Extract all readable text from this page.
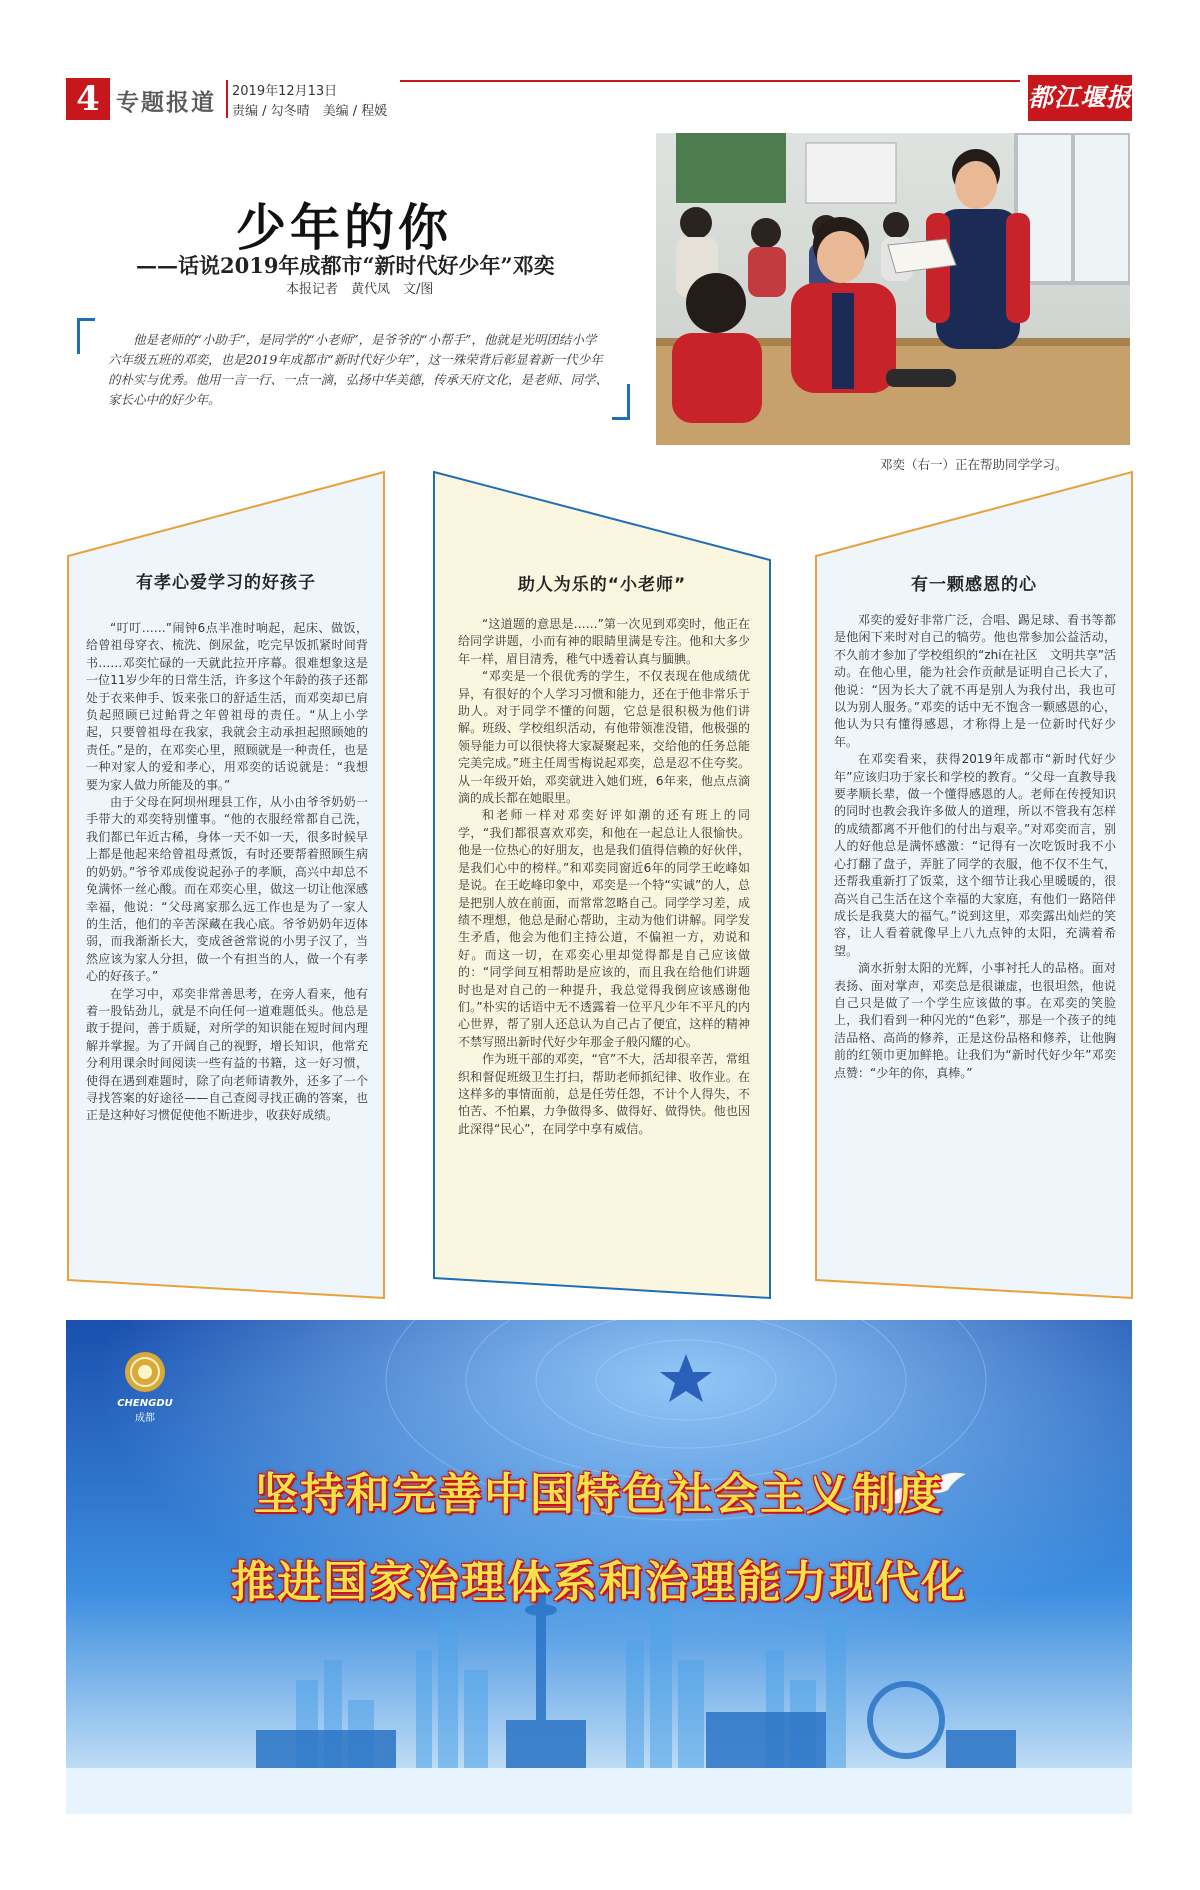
4 专题报道 2019年12月13日
责编 / 勾冬晴　美编 / 程媛	都江堰报
少年的你
——话说2019年成都市“新时代好少年”邓奕
本报记者　黄代凤　文/图
他是老师的“小助手”，是同学的“小老师”，是爷爷的“小帮手”，他就是光明团结小学六年级五班的邓奕，也是2019年成都市“新时代好少年”，这一殊荣背后彰显着新一代少年的朴实与优秀。他用一言一行、一点一滴，弘扬中华美德，传承天府文化，是老师、同学、家长心中的好少年。
邓奕（右一）正在帮助同学学习。
有孝心爱学习的好孩子

“叮叮……”闹钟6点半准时响起，起床、做饭，给曾祖母穿衣、梳洗、倒尿盆，吃完早饭抓紧时间背书……邓奕忙碌的一天就此拉开序幕。很难想象这是一位11岁少年的日常生活，许多这个年龄的孩子还都处于衣来伸手、饭来张口的舒适生活，而邓奕却已肩负起照顾已过鲐背之年曾祖母的责任。“从上小学起，只要曾祖母在我家，我就会主动承担起照顾她的责任。”是的，在邓奕心里，照顾就是一种责任，也是一种对家人的爱和孝心，用邓奕的话说就是：“我想要为家人做力所能及的事。”

由于父母在阿坝州理县工作，从小由爷爷奶奶一手带大的邓奕特别懂事。“他的衣服经常都自己洗，我们都已年近古稀，身体一天不如一天，很多时候早上都是他起来给曾祖母煮饭，有时还要帮着照顾生病的奶奶。”爷爷邓成俊说起孙子的孝顺，高兴中却总不免满怀一丝心酸。而在邓奕心里，做这一切让他深感幸福，他说：“父母离家那么远工作也是为了一家人的生活，他们的辛苦深藏在我心底。爷爷奶奶年迈体弱，而我渐渐长大，变成爸爸常说的小男子汉了，当然应该为家人分担，做一个有担当的人，做一个有孝心的好孩子。”

在学习中，邓奕非常善思考，在旁人看来，他有着一股钻劲儿，就是不向任何一道难题低头。他总是敢于提问，善于质疑，对所学的知识能在短时间内理解并掌握。为了开阔自己的视野，增长知识，他常充分利用课余时间阅读一些有益的书籍，这一好习惯，使得在遇到难题时，除了向老师请教外，还多了一个寻找答案的好途径——自己查阅寻找正确的答案，也正是这种好习惯促使他不断进步，收获好成绩。

助人为乐的“小老师”

“这道题的意思是……”第一次见到邓奕时，他正在给同学讲题，小而有神的眼睛里满是专注。他和大多少年一样，眉目清秀，稚气中透着认真与腼腆。

“邓奕是一个很优秀的学生，不仅表现在他成绩优异，有很好的个人学习习惯和能力，还在于他非常乐于助人。对于同学不懂的问题，它总是很积极为他们讲解。班级、学校组织活动，有他带领准没错，他极强的领导能力可以很快将大家凝聚起来，交给他的任务总能完美完成。”班主任周雪梅说起邓奕，总是忍不住夸奖。从一年级开始，邓奕就进入她们班，6年来，他点点滴滴的成长都在她眼里。

和老师一样对邓奕好评如潮的还有班上的同学，“我们都很喜欢邓奕，和他在一起总让人很愉快。他是一位热心的好朋友，也是我们值得信赖的好伙伴，是我们心中的榜样。”和邓奕同窗近6年的同学王屹峰如是说。在王屹峰印象中，邓奕是一个特“实诚”的人，总是把别人放在前面，而常常忽略自己。同学学习差，成绩不理想，他总是耐心帮助，主动为他们讲解。同学发生矛盾，他会为他们主持公道，不偏袒一方，劝说和好。而这一切，在邓奕心里却觉得都是自己应该做的：“同学间互相帮助是应该的，而且我在给他们讲题时也是对自己的一种提升，我总觉得我倒应该感谢他们。”朴实的话语中无不透露着一位平凡少年不平凡的内心世界，帮了别人还总认为自己占了便宜，这样的精神不禁写照出新时代好少年那金子般闪耀的心。

作为班干部的邓奕，“官”不大，活却很辛苦，常组织和督促班级卫生打扫，帮助老师抓纪律、收作业。在这样多的事情面前，总是任劳任怨，不计个人得失，不怕苦、不怕累，力争做得多、做得好、做得快。他也因此深得“民心”，在同学中享有威信。

有一颗感恩的心

邓奕的爱好非常广泛，合唱、踢足球、看书等都是他闲下来时对自己的犒劳。他也常参加公益活动，不久前才参加了学校组织的“zhi在社区　文明共享”活动。在他心里，能为社会作贡献是证明自己长大了，他说：“因为长大了就不再是别人为我付出，我也可以为别人服务。”邓奕的话中无不饱含一颗感恩的心，他认为只有懂得感恩，才称得上是一位新时代好少年。

在邓奕看来，获得2019年成都市“新时代好少年”应该归功于家长和学校的教育。“父母一直教导我要孝顺长辈，做一个懂得感恩的人。老师在传授知识的同时也教会我许多做人的道理，所以不管我有怎样的成绩都离不开他们的付出与艰辛。”对邓奕而言，别人的好他总是满怀感激：“记得有一次吃饭时我不小心打翻了盘子，弄脏了同学的衣服，他不仅不生气，还帮我重新打了饭菜，这个细节让我心里暖暖的，很高兴自己生活在这个幸福的大家庭，有他们一路陪伴成长是我莫大的福气。”说到这里，邓奕露出灿烂的笑容，让人看着就像早上八九点钟的太阳，充满着希望。

滴水折射太阳的光辉，小事衬托人的品格。面对表扬、面对掌声，邓奕总是很谦虚，也很坦然，他说自己只是做了一个学生应该做的事。在邓奕的笑脸上，我们看到一种闪光的“色彩”，那是一个孩子的纯洁品格、高尚的修养，正是这份品格和修养，让他胸前的红领巾更加鲜艳。让我们为“新时代好少年”邓奕点赞：“少年的你，真棒。”

CHENGDU
成都
坚持和完善中国特色社会主义制度
推进国家治理体系和治理能力现代化
